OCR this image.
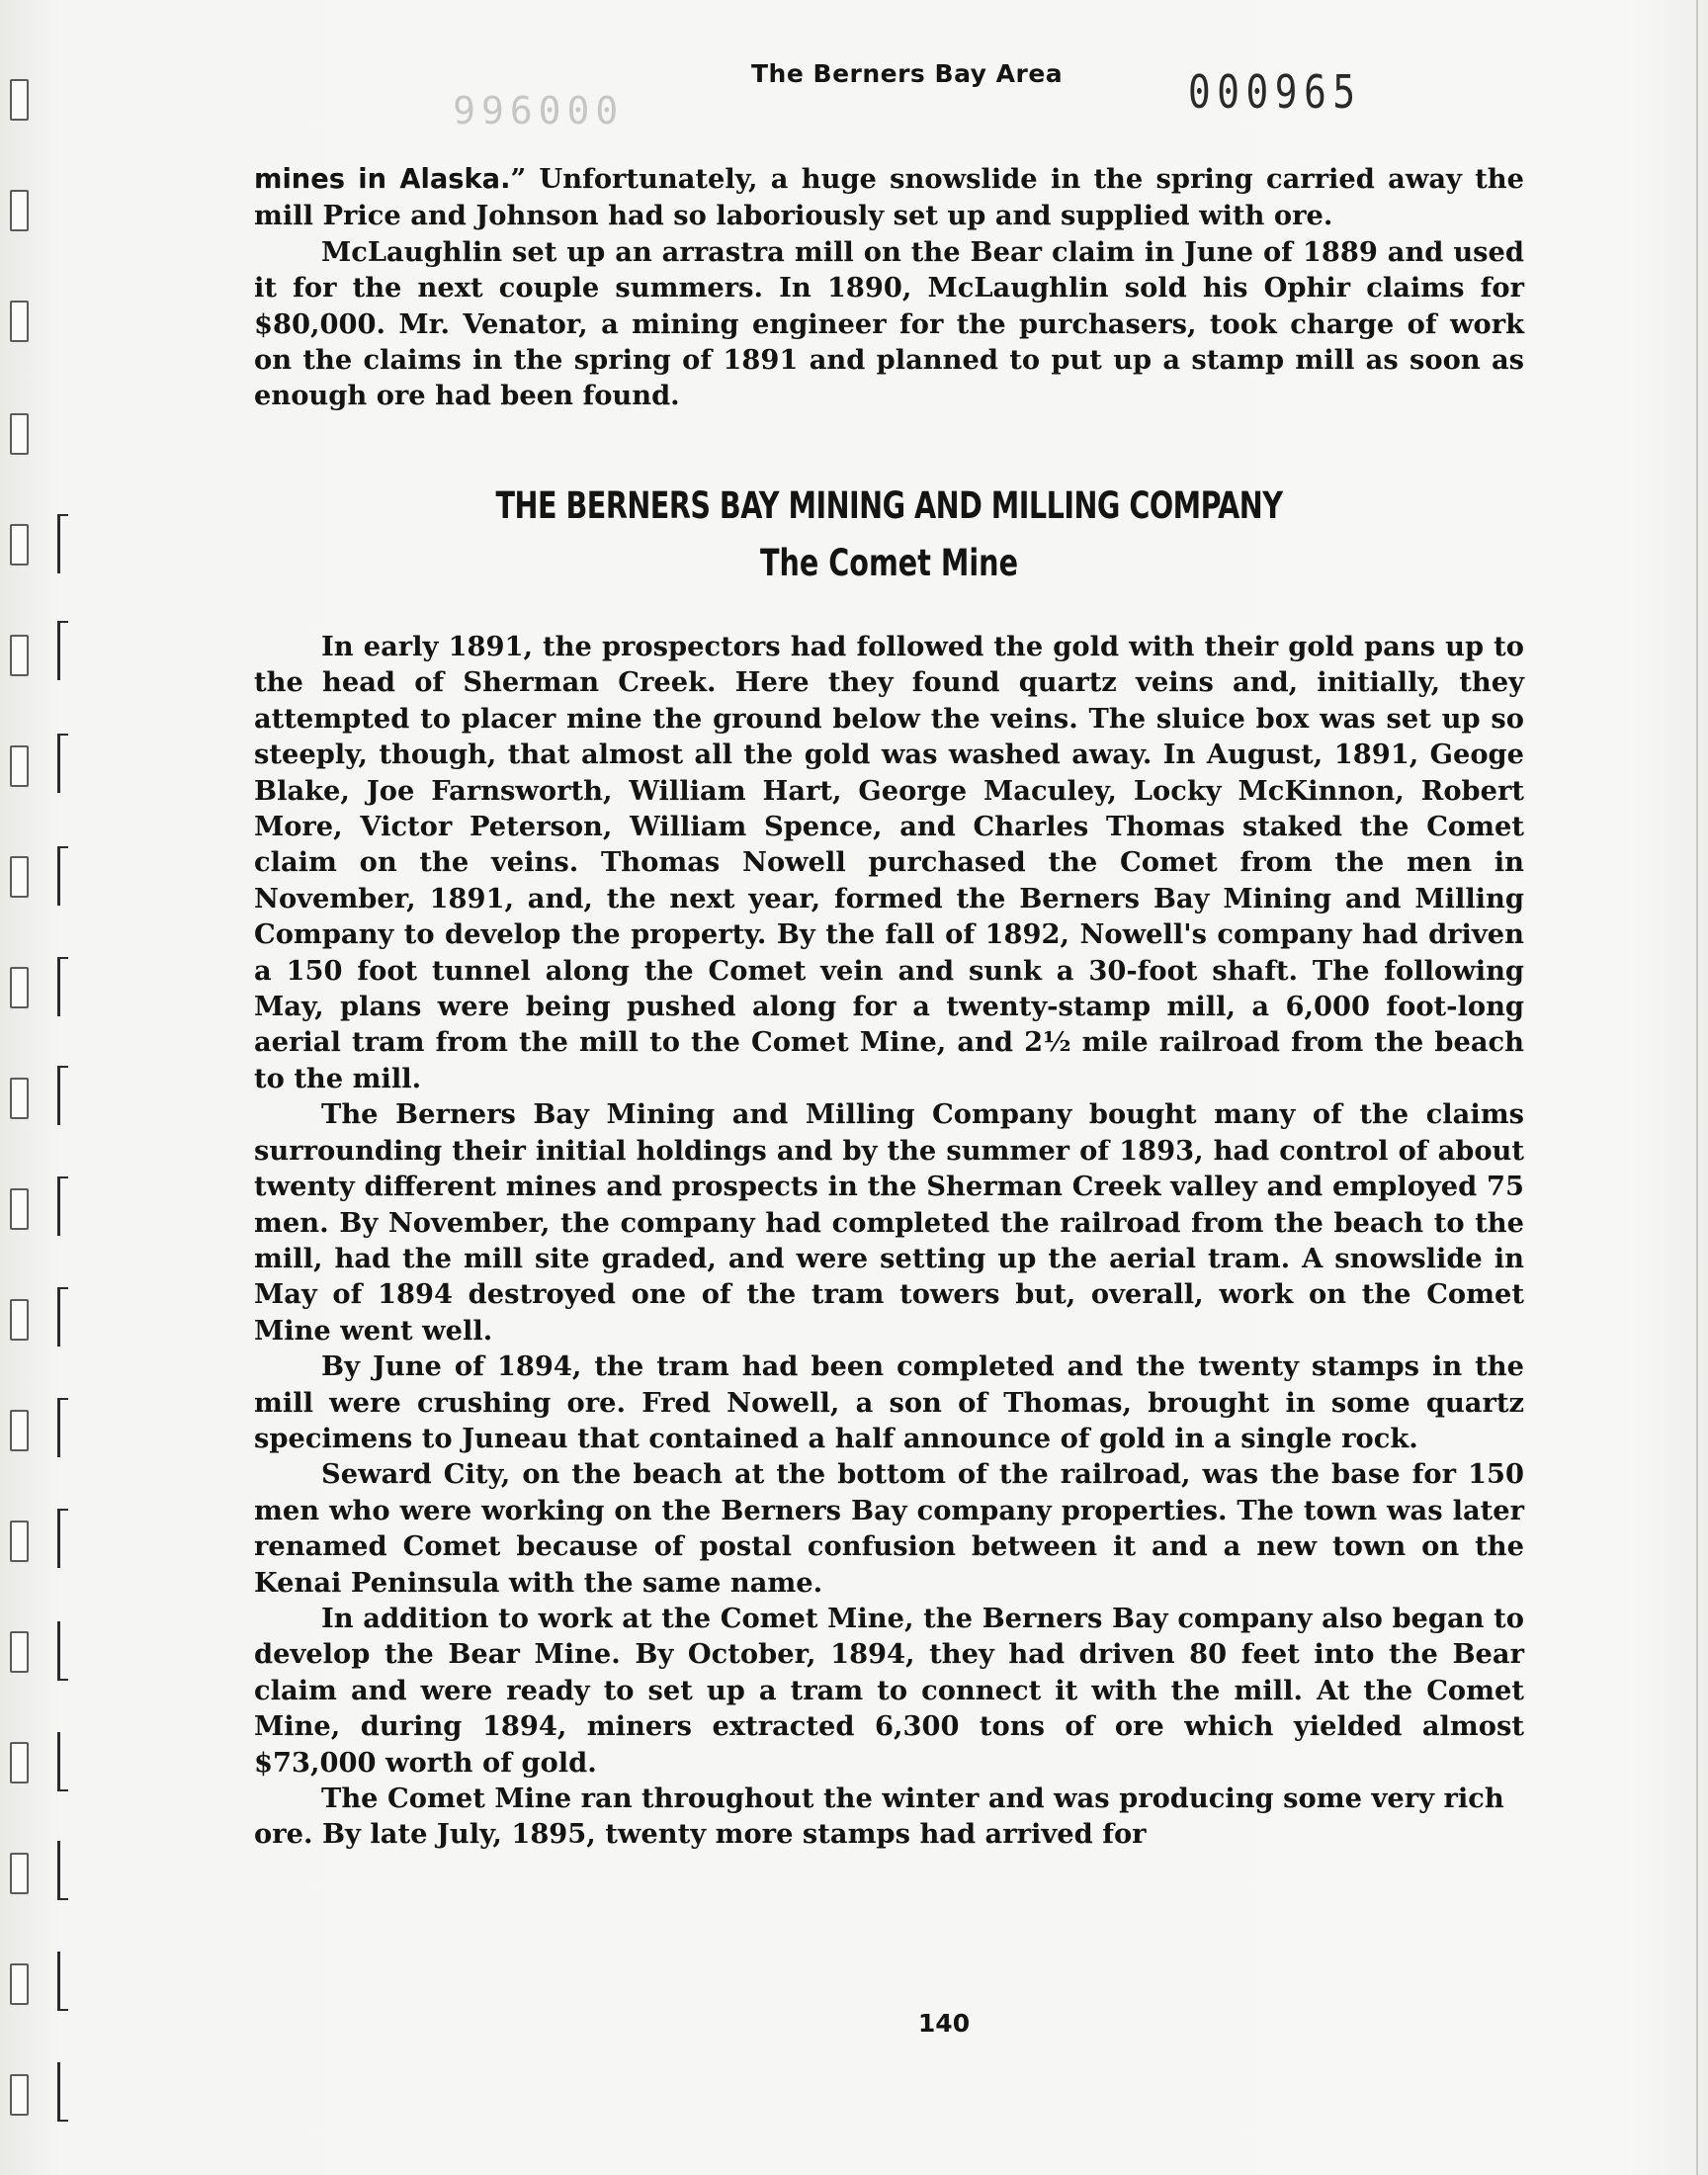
000966
The Berners Bay Area	000965

mines in Alaska.” Unfortunately, a huge snowslide in the spring carried away the mill Price and Johnson had so laboriously set up and supplied with ore.

McLaughlin set up an arrastra mill on the Bear claim in June of 1889 and used it for the next couple summers. In 1890, McLaughlin sold his Ophir claims for $80,000. Mr. Venator, a mining engineer for the purchasers, took charge of work on the claims in the spring of 1891 and planned to put up a stamp mill as soon as enough ore had been found.

THE BERNERS BAY MINING AND MILLING COMPANY
The Comet Mine

In early 1891, the prospectors had followed the gold with their gold pans up to the head of Sherman Creek. Here they found quartz veins and, initially, they attempted to placer mine the ground below the veins. The sluice box was set up so steeply, though, that almost all the gold was washed away. In August, 1891, Geoge Blake, Joe Farnsworth, William Hart, George Maculey, Locky McKinnon, Robert More, Victor Peterson, William Spence, and Charles Thomas staked the Comet claim on the veins. Thomas Nowell purchased the Comet from the men in November, 1891, and, the next year, formed the Berners Bay Mining and Milling Company to develop the property. By the fall of 1892, Nowell's company had driven a 150 foot tunnel along the Comet vein and sunk a 30-foot shaft. The following May, plans were being pushed along for a twenty-stamp mill, a 6,000 foot-long aerial tram from the mill to the Comet Mine, and 2½ mile railroad from the beach to the mill.

The Berners Bay Mining and Milling Company bought many of the claims surrounding their initial holdings and by the summer of 1893, had control of about twenty different mines and prospects in the Sherman Creek valley and employed 75 men. By November, the company had completed the railroad from the beach to the mill, had the mill site graded, and were setting up the aerial tram. A snowslide in May of 1894 destroyed one of the tram towers but, overall, work on the Comet Mine went well.

By June of 1894, the tram had been completed and the twenty stamps in the mill were crushing ore. Fred Nowell, a son of Thomas, brought in some quartz specimens to Juneau that contained a half announce of gold in a single rock.

Seward City, on the beach at the bottom of the railroad, was the base for 150 men who were working on the Berners Bay company properties. The town was later renamed Comet because of postal confusion between it and a new town on the Kenai Peninsula with the same name.

In addition to work at the Comet Mine, the Berners Bay company also began to develop the Bear Mine. By October, 1894, they had driven 80 feet into the Bear claim and were ready to set up a tram to connect it with the mill. At the Comet Mine, during 1894, miners extracted 6,300 tons of ore which yielded almost $73,000 worth of gold.

The Comet Mine ran throughout the winter and was producing some very rich ore. By late July, 1895, twenty more stamps had arrived for

140
